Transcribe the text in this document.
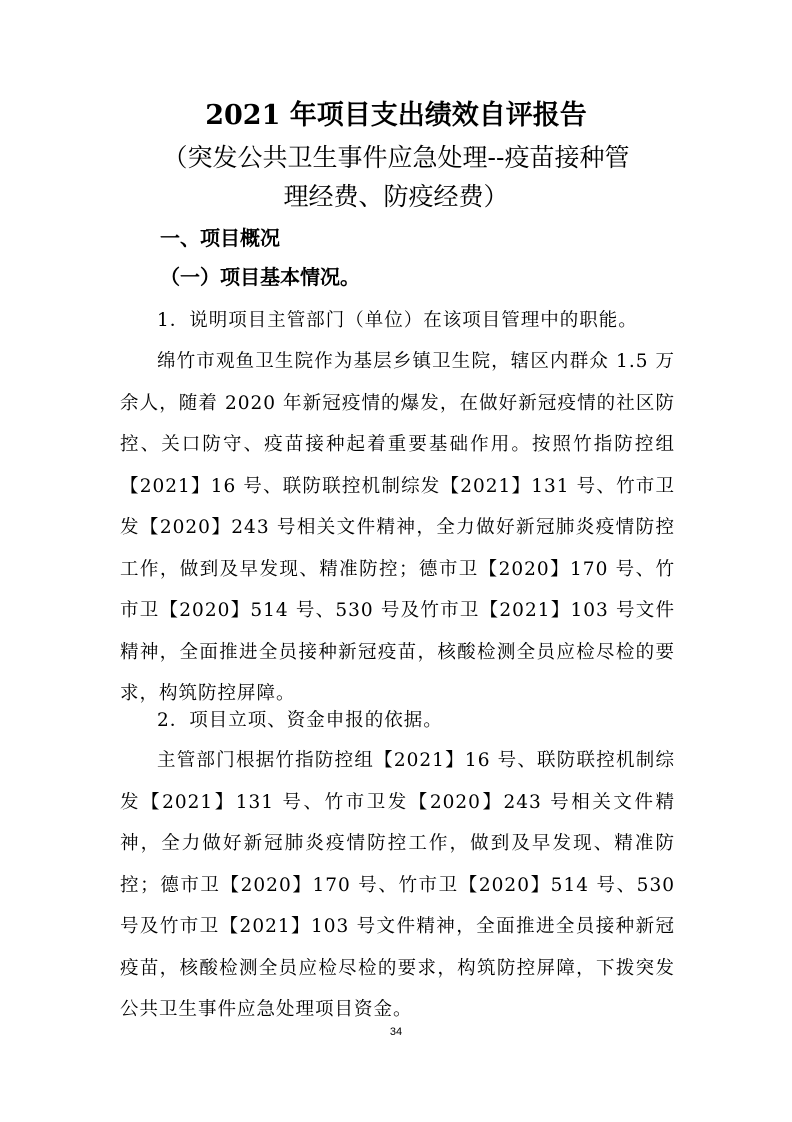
2021 年项目支出绩效自评报告
（突发公共卫生事件应急处理--疫苗接种管
理经费、防疫经费）
一、项目概况
（一）项目基本情况。

1．说明项目主管部门（单位）在该项目管理中的职能。

绵竹市观鱼卫生院作为基层乡镇卫生院，辖区内群众 1.5 万余人，随着 2020 年新冠疫情的爆发，在做好新冠疫情的社区防控、关口防守、疫苗接种起着重要基础作用。按照竹指防控组【2021】16 号、联防联控机制综发【2021】131 号、竹市卫发【2020】243 号相关文件精神，全力做好新冠肺炎疫情防控工作，做到及早发现、精准防控；德市卫【2020】170 号、竹市卫【2020】514 号、530 号及竹市卫【2021】103 号文件精神，全面推进全员接种新冠疫苗，核酸检测全员应检尽检的要求，构筑防控屏障。

2．项目立项、资金申报的依据。

主管部门根据竹指防控组【2021】16 号、联防联控机制综发【2021】131 号、竹市卫发【2020】243 号相关文件精神，全力做好新冠肺炎疫情防控工作，做到及早发现、精准防控；德市卫【2020】170 号、竹市卫【2020】514 号、530 号及竹市卫【2021】103 号文件精神，全面推进全员接种新冠疫苗，核酸检测全员应检尽检的要求，构筑防控屏障，下拨突发公共卫生事件应急处理项目资金。

34
